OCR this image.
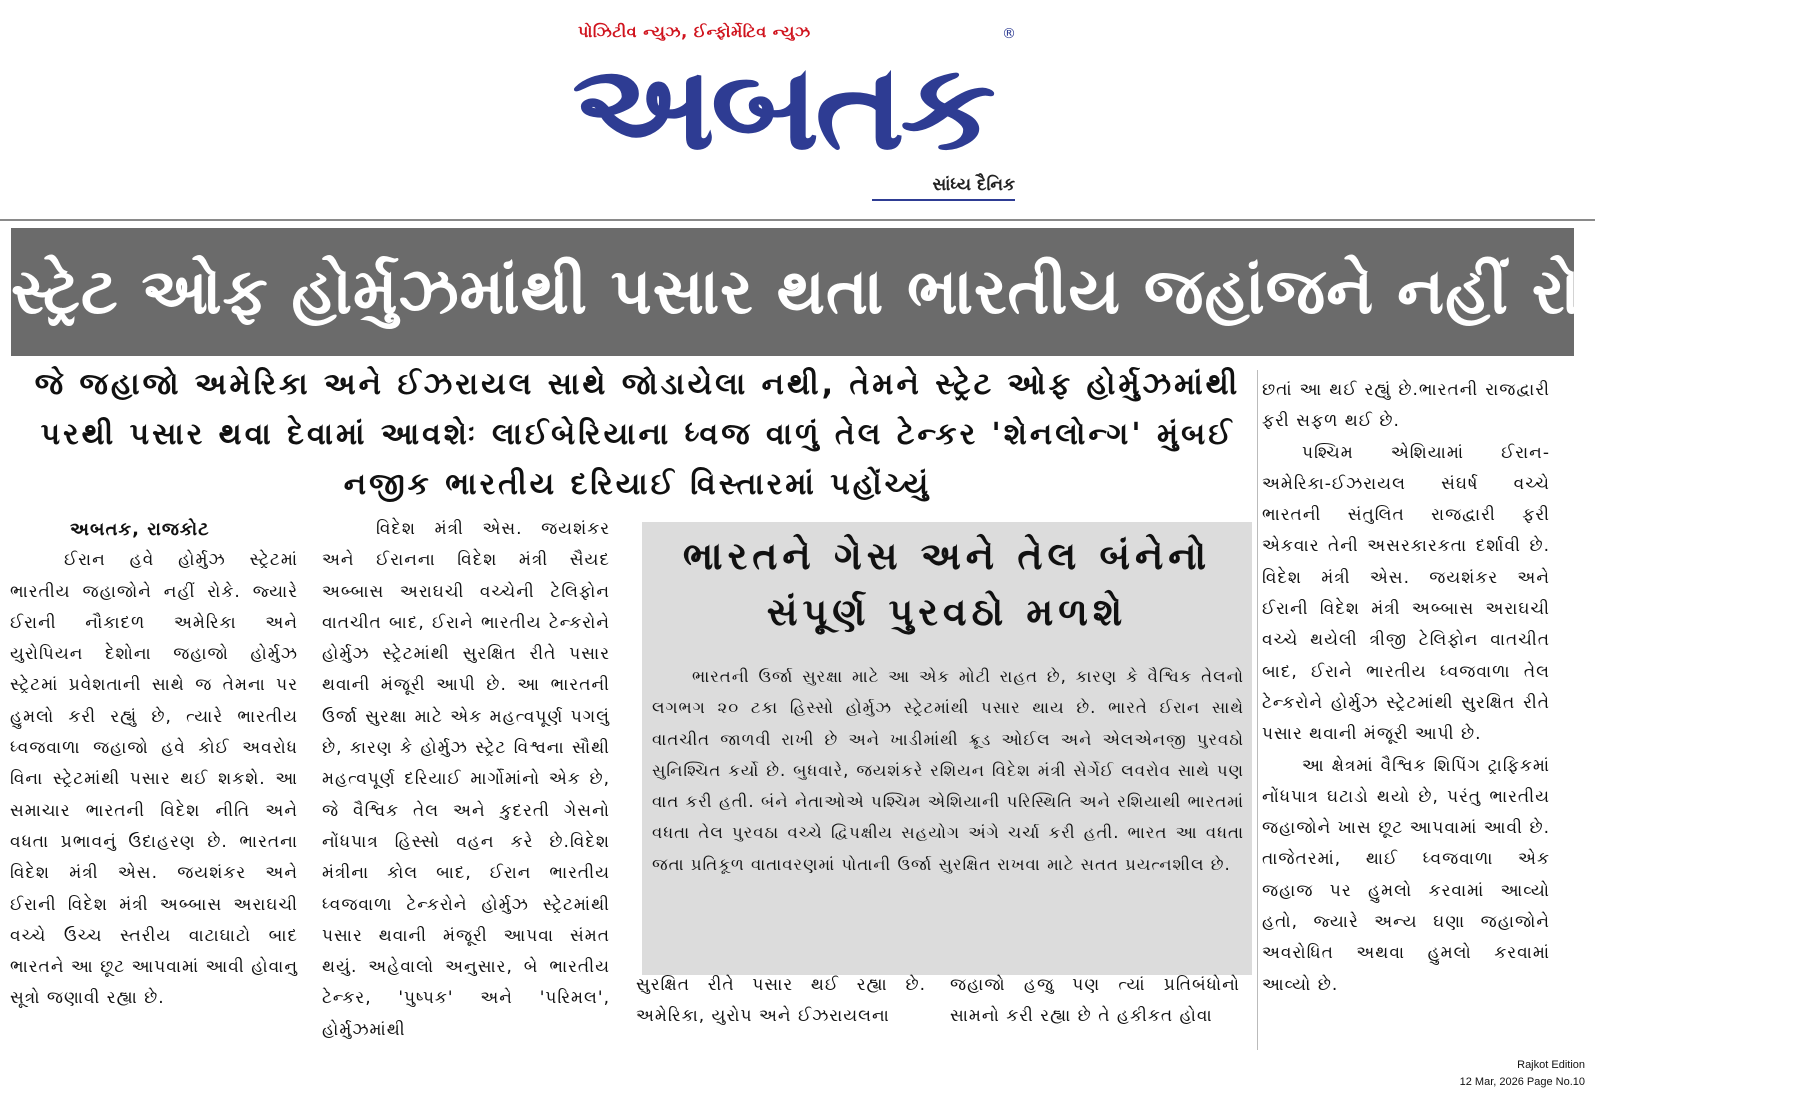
પોઝિટીવ ન્યુઝ, ઈન્ફોર્મેટિવ ન્યુઝ
અબતક
®
સાંધ્ય દૈનિક
સ્ટ્રેટ ઓફ હોર્મુઝમાંથી પસાર થતા ભારતીય જહાંજને નહીં રોકે ઈરાન
જે જહાજો અમેરિકા અને ઈઝરાયલ સાથે જોડાયેલા નથી, તેમને સ્ટ્રેટ ઓફ હોર્મુઝમાંથી પરથી પસાર થવા દેવામાં આવશેઃ લાઈબેરિયાના ધ્વજ વાળું તેલ ટેન્કર 'શેનલોન્ગ' મુંબઈ નજીક ભારતીય દરિયાઈ વિસ્તારમાં પહોંચ્યું

અબતક, રાજકોટ

ઈરાન હવે હોર્મુઝ સ્ટ્રેટમાં ભારતીય જહાજોને નહીં રોકે. જ્યારે ઈરાની નૌકાદળ અમેરિકા અને યુરોપિયન દેશોના જહાજો હોર્મુઝ સ્ટ્રેટમાં પ્રવેશતાની સાથે જ તેમના પર હુમલો કરી રહ્યું છે, ત્યારે ભારતીય ધ્વજવાળા જહાજો હવે કોઈ અવરોધ વિના સ્ટ્રેટમાંથી પસાર થઈ શકશે. આ સમાચાર ભારતની વિદેશ નીતિ અને વધતા પ્રભાવનું ઉદાહરણ છે. ભારતના વિદેશ મંત્રી એસ. જયશંકર અને ઈરાની વિદેશ મંત્રી અબ્બાસ અરાઘચી વચ્ચે ઉચ્ચ સ્તરીય વાટાઘાટો બાદ ભારતને આ છૂટ આપવામાં આવી હોવાનુ સૂત્રો જણાવી રહ્યા છે.

વિદેશ મંત્રી એસ. જયશંકર અને ઈરાનના વિદેશ મંત્રી સૈયદ અબ્બાસ અરાઘચી વચ્ચેની ટેલિફોન વાતચીત બાદ, ઈરાને ભારતીય ટેન્કરોને હોર્મુઝ સ્ટ્રેટમાંથી સુરક્ષિત રીતે પસાર થવાની મંજૂરી આપી છે. આ ભારતની ઉર્જા સુરક્ષા માટે એક મહત્વપૂર્ણ પગલું છે, કારણ કે હોર્મુઝ સ્ટ્રેટ વિશ્વના સૌથી મહત્વપૂર્ણ દરિયાઈ માર્ગોમાંનો એક છે, જે વૈશ્વિક તેલ અને કુદરતી ગેસનો નોંધપાત્ર હિસ્સો વહન કરે છે.વિદેશ મંત્રીના કોલ બાદ, ઈરાન ભારતીય ધ્વજવાળા ટેન્કરોને હોર્મુઝ સ્ટ્રેટમાંથી પસાર થવાની મંજૂરી આપવા સંમત થયું. અહેવાલો અનુસાર, બે ભારતીય ટેન્કર, 'પુષ્પક' અને 'પરિમલ', હોર્મુઝમાંથી

ભારતને ગેસ અને તેલ બંનેનો
સંપૂર્ણ પુરવઠો મળશે

ભારતની ઉર્જા સુરક્ષા માટે આ એક મોટી રાહત છે, કારણ કે વૈશ્વિક તેલનો લગભગ ૨૦ ટકા હિસ્સો હોર્મુઝ સ્ટ્રેટમાંથી પસાર થાય છે. ભારતે ઈરાન સાથે વાતચીત જાળવી રાખી છે અને ખાડીમાંથી ક્રૂડ ઓઈલ અને એલએનજી પુરવઠો સુનિશ્ચિત કર્યો છે. બુધવારે, જયશંકરે રશિયન વિદેશ મંત્રી સેર્ગેઈ લવરોવ સાથે પણ વાત કરી હતી. બંને નેતાઓએ પશ્ચિમ એશિયાની પરિસ્થિતિ અને રશિયાથી ભારતમાં વધતા તેલ પુરવઠા વચ્ચે દ્વિપક્ષીય સહયોગ અંગે ચર્ચા કરી હતી. ભારત આ વધતા જતા પ્રતિકૂળ વાતાવરણમાં પોતાની ઉર્જા સુરક્ષિત રાખવા માટે સતત પ્રયત્નશીલ છે.

સુરક્ષિત રીતે પસાર થઈ રહ્યા છે. અમેરિકા, યુરોપ અને ઈઝરાયલના

જહાજો હજુ પણ ત્યાં પ્રતિબંધોનો સામનો કરી રહ્યા છે તે હકીકત હોવા

છતાં આ થઈ રહ્યું છે.ભારતની રાજદ્વારી ફરી સફળ થઈ છે.

પશ્ચિમ એશિયામાં ઈરાન-અમેરિકા-ઈઝરાયલ સંઘર્ષ વચ્ચે ભારતની સંતુલિત રાજદ્વારી ફરી એકવાર તેની અસરકારકતા દર્શાવી છે. વિદેશ મંત્રી એસ. જયશંકર અને ઈરાની વિદેશ મંત્રી અબ્બાસ અરાઘચી વચ્ચે થયેલી ત્રીજી ટેલિફોન વાતચીત બાદ, ઈરાને ભારતીય ધ્વજવાળા તેલ ટેન્કરોને હોર્મુઝ સ્ટ્રેટમાંથી સુરક્ષિત રીતે પસાર થવાની મંજૂરી આપી છે.

આ ક્ષેત્રમાં વૈશ્વિક શિપિંગ ટ્રાફિકમાં નોંધપાત્ર ઘટાડો થયો છે, પરંતુ ભારતીય જહાજોને ખાસ છૂટ આપવામાં આવી છે. તાજેતરમાં, થાઈ ધ્વજવાળા એક જહાજ પર હુમલો કરવામાં આવ્યો હતો, જ્યારે અન્ય ઘણા જહાજોને અવરોધિત અથવા હુમલો કરવામાં આવ્યો છે.

Rajkot Edition
12 Mar, 2026 Page No.10
